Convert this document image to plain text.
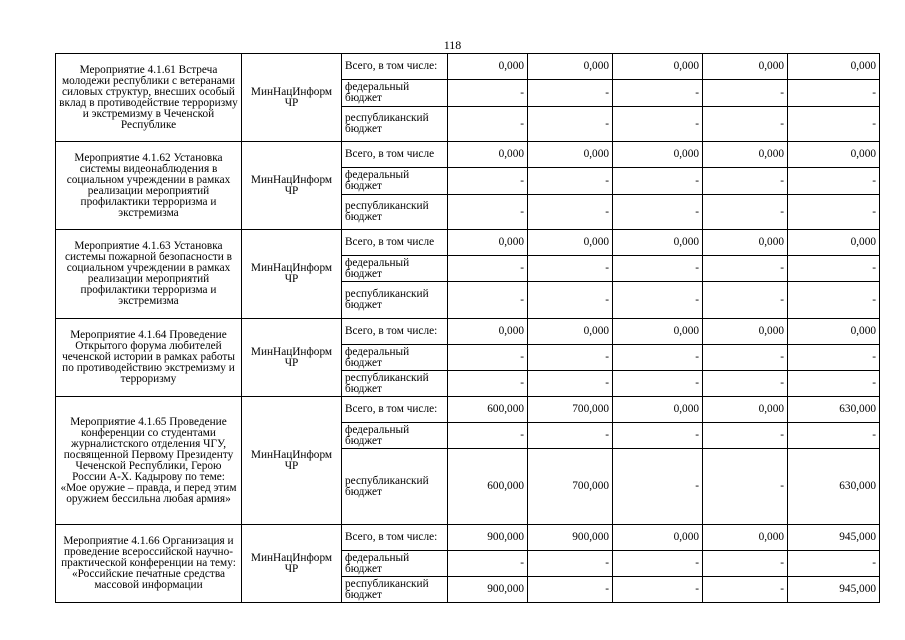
118
Мероприятие 4.1.61 Встреча молодежи республики с ветеранами силовых структур, внесших особый вклад в противодействие терроризму и экстремизму в Чеченской Республике	МинНацИнформ ЧР	Всего, в том числе:	0,000	0,000	0,000	0,000	0,000
		федеральный бюджет	-	-	-	-	-
		республиканский бюджет	-	-	-	-	-
Мероприятие 4.1.62 Установка системы видеонаблюдения в социальном учреждении в рамках реализации мероприятий профилактики терроризма и экстремизма	МинНацИнформ ЧР	Всего, в том числе	0,000	0,000	0,000	0,000	0,000
		федеральный бюджет	-	-	-	-	-
		республиканский бюджет	-	-	-	-	-
Мероприятие 4.1.63 Установка системы пожарной безопасности в социальном учреждении в рамках реализации мероприятий профилактики терроризма и экстремизма	МинНацИнформ ЧР	Всего, в том числе	0,000	0,000	0,000	0,000	0,000
		федеральный бюджет	-	-	-	-	-
		республиканский бюджет	-	-	-	-	-
Мероприятие 4.1.64 Проведение Открытого форума любителей чеченской истории в рамках работы по противодействию экстремизму и терроризму	МинНацИнформ ЧР	Всего, в том числе:	0,000	0,000	0,000	0,000	0,000
		федеральный бюджет	-	-	-	-	-
		республиканский бюджет	-	-	-	-	-
Мероприятие 4.1.65 Проведение конференции со студентами журналистского отделения ЧГУ, посвященной Первому Президенту Чеченской Республики, Герою России А-Х. Кадырову по теме: «Мое оружие – правда, и перед этим оружием бессильна любая армия»	МинНацИнформ ЧР	Всего, в том числе:	600,000	700,000	0,000	0,000	630,000
		федеральный бюджет	-	-	-	-	-
		республиканский бюджет	600,000	700,000	-	-	630,000
Мероприятие 4.1.66 Организация и проведение всероссийской научно-практической конференции на тему: «Российские печатные средства массовой информации	МинНацИнформ ЧР	Всего, в том числе:	900,000	900,000	0,000	0,000	945,000
		федеральный бюджет	-	-	-	-	-
		республиканский бюджет	900,000	-	-	-	945,000
